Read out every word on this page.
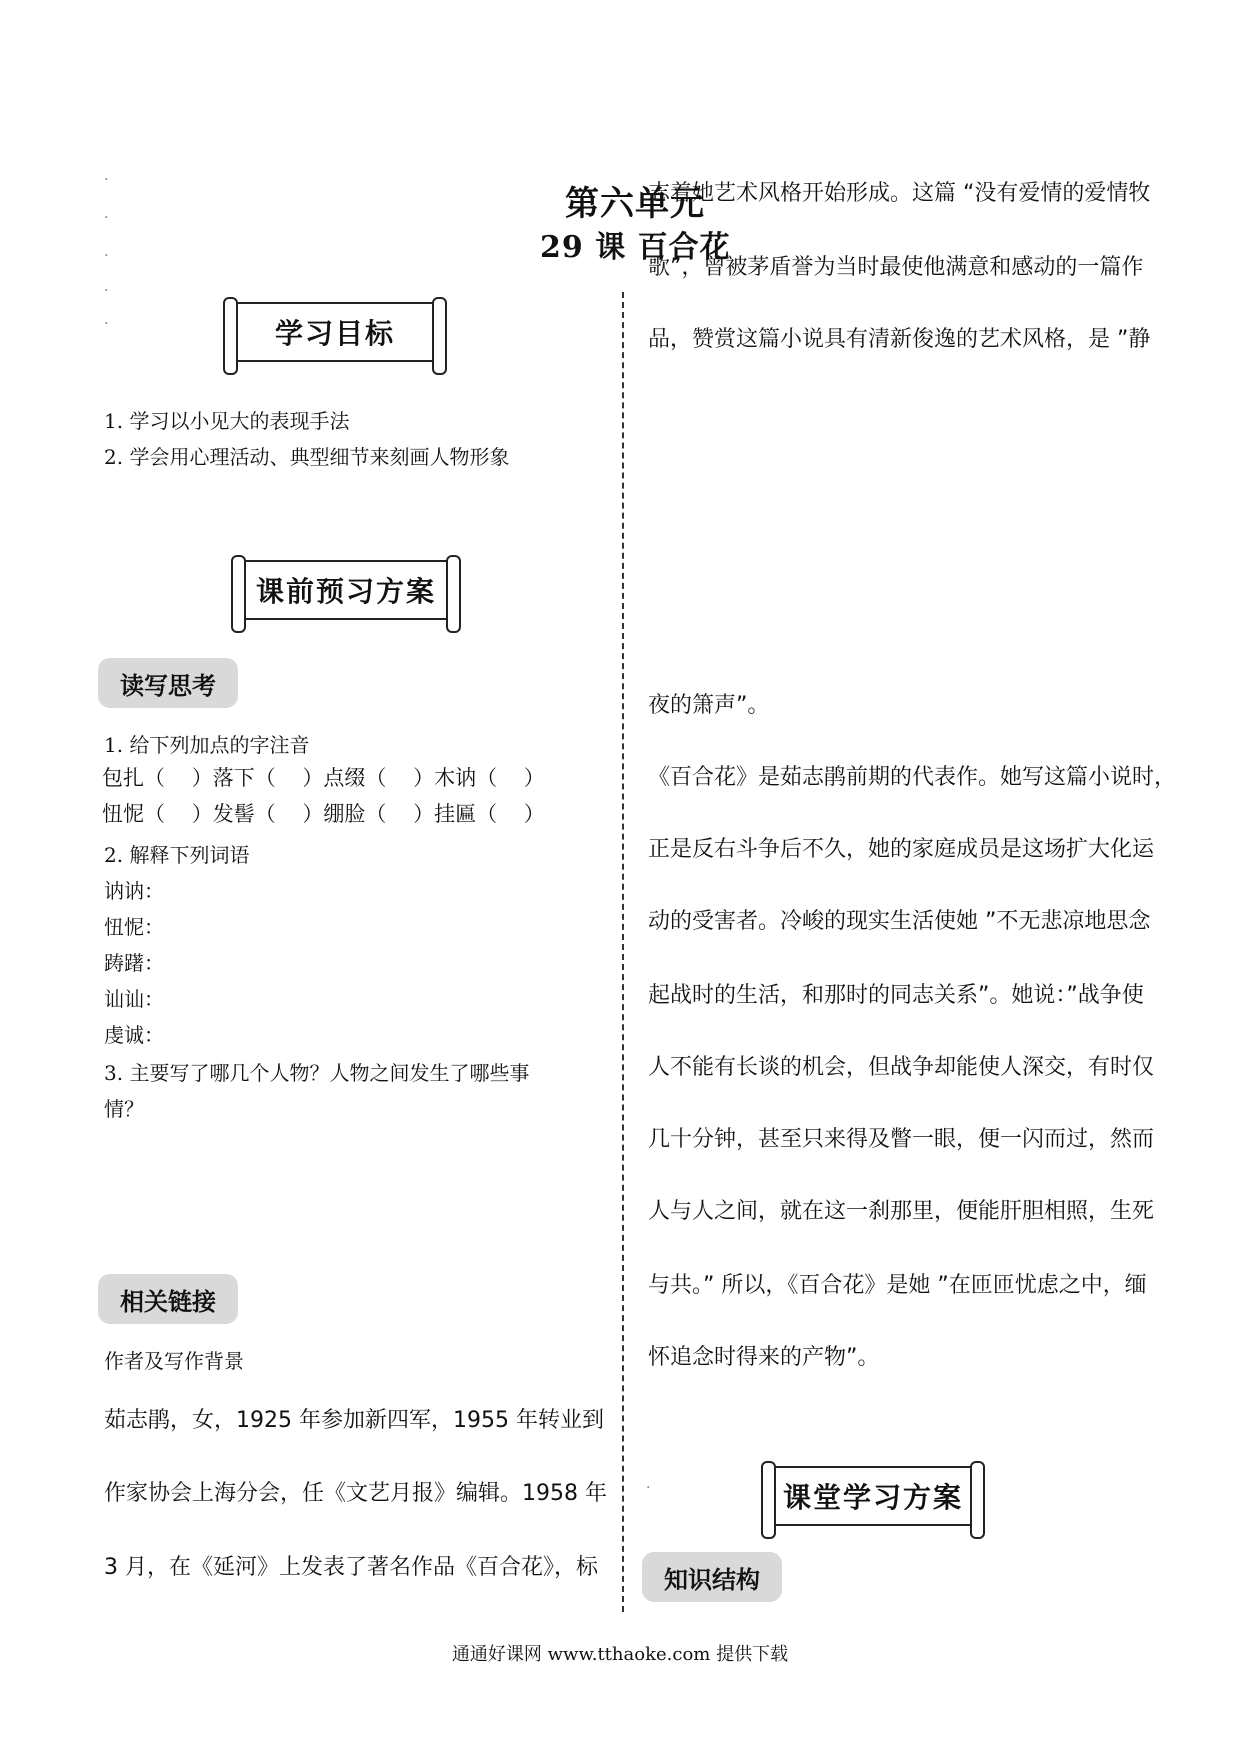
第六单元
29 课 百合花
·
·
·
·
·	学习目标
1. 学习以小见大的表现手法
2. 学会用心理活动、典型细节来刻画人物形象
课前预习方案
读写思考
1. 给下列加点的字注音
包扎（    ）落下（    ）点缀（    ）木讷（    ）
忸怩（    ）发髻（    ）绷脸（    ）挂匾（    ）
2. 解释下列词语
讷讷：
忸怩：
踌躇：
讪讪：
虔诚：
3. 主要写了哪几个人物？人物之间发生了哪些事
情？
相关链接
作者及写作背景
茹志鹃，女，1925 年参加新四军，1955 年转业到
作家协会上海分会，任《文艺月报》编辑。1958 年
3 月，在《延河》上发表了著名作品《百合花》，标
志着她艺术风格开始形成。这篇 “没有爱情的爱情牧
歌”，曾被茅盾誉为当时最使他满意和感动的一篇作
品，赞赏这篇小说具有清新俊逸的艺术风格，是 ”静
夜的箫声”。
《百合花》是茹志鹃前期的代表作。她写这篇小说时，
正是反右斗争后不久，她的家庭成员是这场扩大化运
动的受害者。冷峻的现实生活使她 ”不无悲凉地思念
起战时的生活，和那时的同志关系”。她说：”战争使
人不能有长谈的机会，但战争却能使人深交，有时仅
几十分钟，甚至只来得及瞥一眼，便一闪而过，然而
人与人之间，就在这一刹那里，便能肝胆相照，生死
与共。” 所以，《百合花》是她 ”在匝匝忧虑之中，缅
怀追念时得来的产物”。
·	课堂学习方案
知识结构
通通好课网 www.tthaoke.com 提供下载
